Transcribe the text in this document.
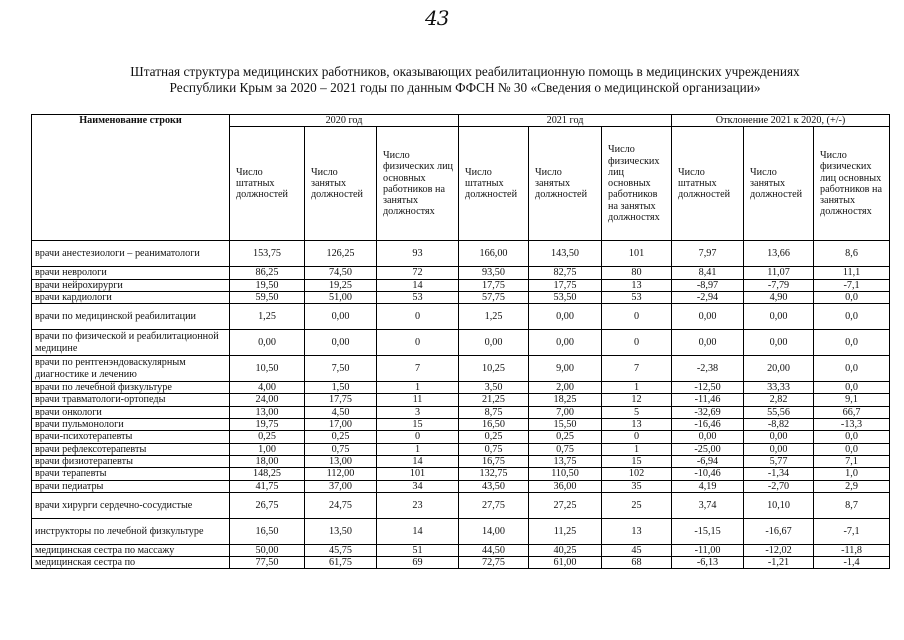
43
Штатная структура медицинских работников, оказывающих реабилитационную помощь в медицинских учреждениях
Республики Крым за 2020 – 2021 годы по данным ФФСН № 30 «Сведения о медицинской организации»
Наименование строки	2020 год			2021 год			Отклонение 2021 к 2020, (+/-)		
	Число штатных должностей	Число занятых должностей	Число физических лиц основных работников на занятых должностях	Число штатных должностей	Число занятых должностей	Число физических лиц основных работников на занятых должностях	Число штатных должностей	Число занятых должностей	Число физических лиц основных работников на занятых должностях
врачи анестезиологи – реаниматологи	153,75	126,25	93	166,00	143,50	101	7,97	13,66	8,6
врачи неврологи	86,25	74,50	72	93,50	82,75	80	8,41	11,07	11,1
врачи нейрохирурги	19,50	19,25	14	17,75	17,75	13	-8,97	-7,79	-7,1
врачи кардиологи	59,50	51,00	53	57,75	53,50	53	-2,94	4,90	0,0
врачи по медицинской реабилитации	1,25	0,00	0	1,25	0,00	0	0,00	0,00	0,0
врачи по физической и реабилитационной медицине	0,00	0,00	0	0,00	0,00	0	0,00	0,00	0,0
врачи по рентгенэндоваскулярным диагностике и лечению	10,50	7,50	7	10,25	9,00	7	-2,38	20,00	0,0
врачи по лечебной физкультуре	4,00	1,50	1	3,50	2,00	1	-12,50	33,33	0,0
врачи травматологи-ортопеды	24,00	17,75	11	21,25	18,25	12	-11,46	2,82	9,1
врачи онкологи	13,00	4,50	3	8,75	7,00	5	-32,69	55,56	66,7
врачи пульмонологи	19,75	17,00	15	16,50	15,50	13	-16,46	-8,82	-13,3
врачи-психотерапевты	0,25	0,25	0	0,25	0,25	0	0,00	0,00	0,0
врачи рефлексотерапевты	1,00	0,75	1	0,75	0,75	1	-25,00	0,00	0,0
врачи физиотерапевты	18,00	13,00	14	16,75	13,75	15	-6,94	5,77	7,1
врачи терапевты	148,25	112,00	101	132,75	110,50	102	-10,46	-1,34	1,0
врачи педиатры	41,75	37,00	34	43,50	36,00	35	4,19	-2,70	2,9
врачи хирурги сердечно-сосудистые	26,75	24,75	23	27,75	27,25	25	3,74	10,10	8,7
инструкторы по лечебной физкультуре	16,50	13,50	14	14,00	11,25	13	-15,15	-16,67	-7,1
медицинская сестра по массажу	50,00	45,75	51	44,50	40,25	45	-11,00	-12,02	-11,8
медицинская сестра по	77,50	61,75	69	72,75	61,00	68	-6,13	-1,21	-1,4
